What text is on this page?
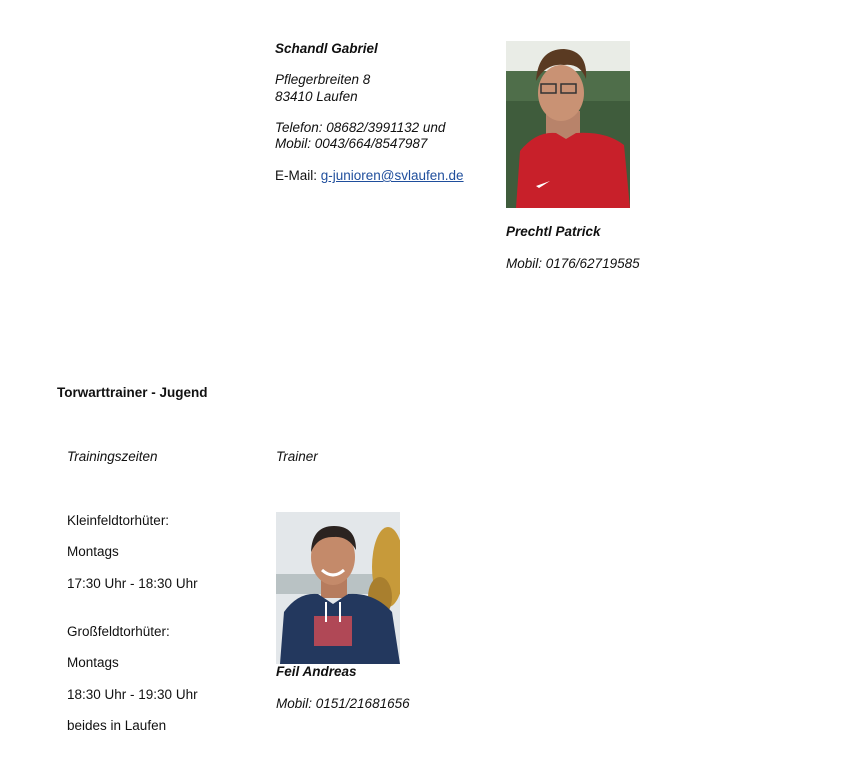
Schandl Gabriel
Pflegerbreiten 8
83410 Laufen
Telefon: 08682/3991132 und
Mobil: 0043/664/8547987
E-Mail: g-junioren@svlaufen.de
Prechtl Patrick
Mobil: 0176/62719585
Torwarttrainer - Jugend
Trainingszeiten	Trainer
Kleinfeldtorhüter:
Montags
17:30 Uhr - 18:30 Uhr
Großfeldtorhüter:
Montags
18:30 Uhr - 19:30 Uhr
beides in Laufen
Feil Andreas
Mobil: 0151/21681656
